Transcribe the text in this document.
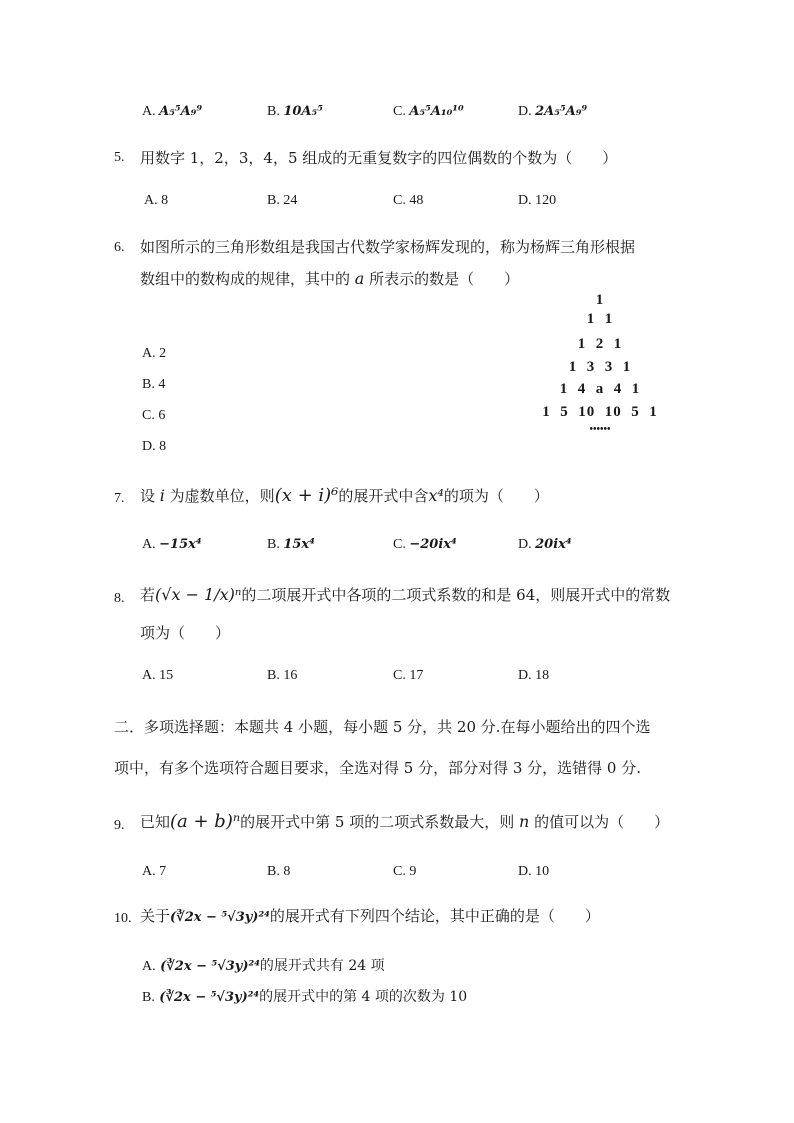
A. A₅⁵A₉⁹	B. 10A₅⁵	C. A₅⁵A₁₀¹⁰	D. 2A₅⁵A₉⁹
5. 用数字 1，2，3，4，5 组成的无重复数字的四位偶数的个数为（　　）
A. 8	B. 24	C. 48	D. 120
6. 如图所示的三角形数组是我国古代数学家杨辉发现的，称为杨辉三角形根据
数组中的数构成的规律，其中的 a 所表示的数是（　　）
A. 2
B. 4
C. 6
D. 8
1
1  1
1  2  1
1  3  3  1
1  4  a  4  1
1  5  10  10  5  1
••••••
7. 设 i 为虚数单位，则(x + i)⁶的展开式中含x⁴的项为（　　）
A. −15x⁴	B. 15x⁴	C. −20ix⁴	D. 20ix⁴
8. 若(√x − 1/x)ⁿ的二项展开式中各项的二项式系数的和是 64，则展开式中的常数
项为（　　）
A. 15	B. 16	C. 17	D. 18
二．多项选择题：本题共 4 小题，每小题 5 分，共 20 分.在每小题给出的四个选
项中，有多个选项符合题目要求，全选对得 5 分，部分对得 3 分，选错得 0 分.
9. 已知(a + b)ⁿ的展开式中第 5 项的二项式系数最大，则 n 的值可以为（　　）
A. 7	B. 8	C. 9	D. 10
10. 关于(∛2x − ⁵√3y)²⁴的展开式有下列四个结论，其中正确的是（　　）
A. (∛2x − ⁵√3y)²⁴的展开式共有 24 项
B. (∛2x − ⁵√3y)²⁴的展开式中的第 4 项的次数为 10
